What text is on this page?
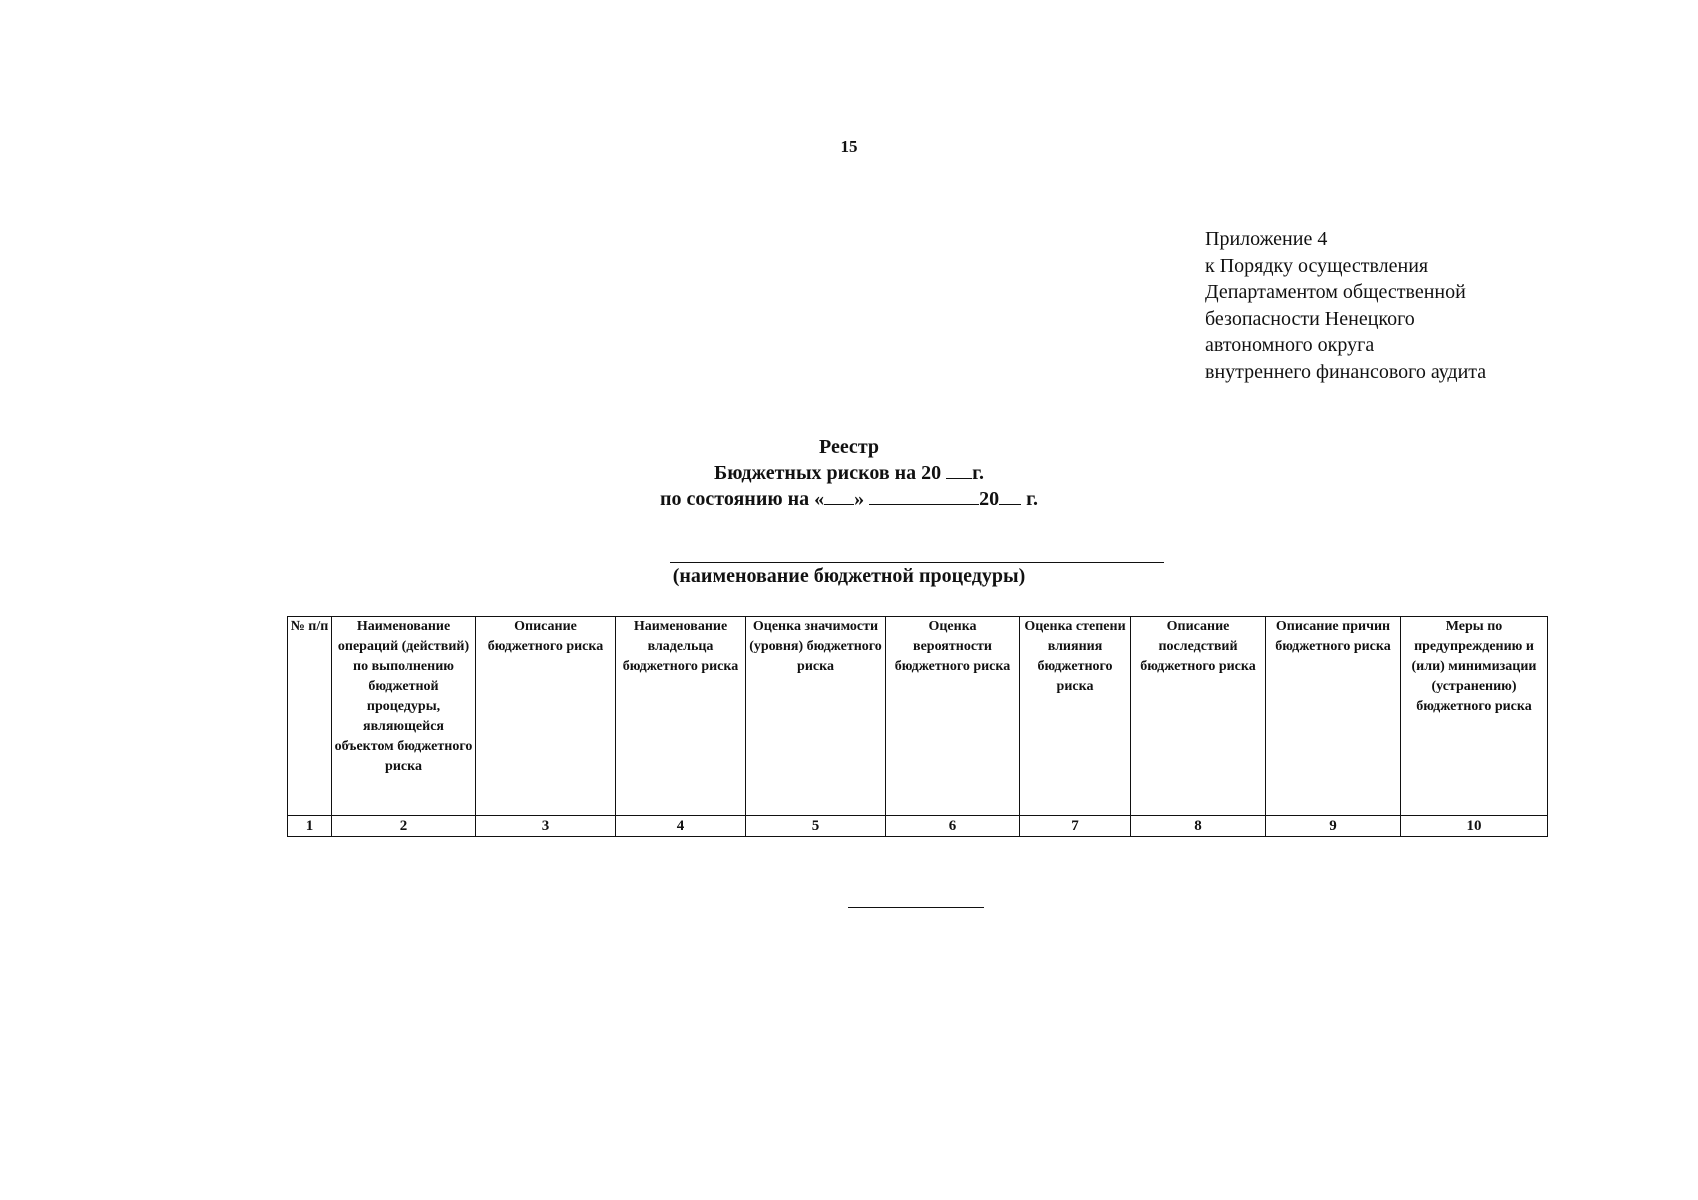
15
Приложение 4
к Порядку осуществления
Департаментом общественной
безопасности Ненецкого
автономного округа
внутреннего финансового аудита
Реестр
Бюджетных рисков на 20 г.
по состоянию на « »	20 г.
(наименование бюджетной процедуры)
№ п/п	Наименование операций (действий) по выполнению бюджетной процедуры, являющейся объектом бюджетного риска	Описание бюджетного риска	Наименование владельца бюджетного риска	Оценка значимости (уровня) бюджетного риска	Оценка вероятности бюджетного риска	Оценка степени влияния бюджетного риска	Описание последствий бюджетного риска	Описание причин бюджетного риска	Меры по предупреждению и (или) минимизации (устранению) бюджетного риска
1	2	3	4	5	6	7	8	9	10
